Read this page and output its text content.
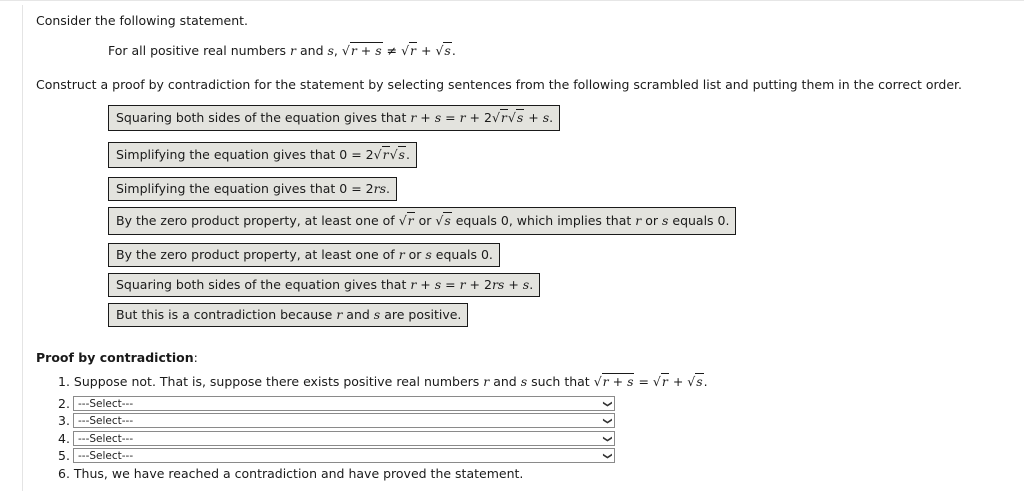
Consider the following statement.
For all positive real numbers r and s, √r + s ≠ √r + √s.
Construct a proof by contradiction for the statement by selecting sentences from the following scrambled list and putting them in the correct order.
Squaring both sides of the equation gives that r + s = r + 2√r√s + s.
Simplifying the equation gives that 0 = 2√r√s.
Simplifying the equation gives that 0 = 2rs.
By the zero product property, at least one of √r or √s equals 0, which implies that r or s equals 0.
By the zero product property, at least one of r or s equals 0.
Squaring both sides of the equation gives that r + s = r + 2rs + s.
But this is a contradiction because r and s are positive.
Proof by contradiction:
1. Suppose not. That is, suppose there exists positive real numbers r and s such that √r + s = √r + √s.
2. ---Select---	❯
3. ---Select---	❯
4. ---Select---	❯
5. ---Select---	❯
6. Thus, we have reached a contradiction and have proved the statement.
